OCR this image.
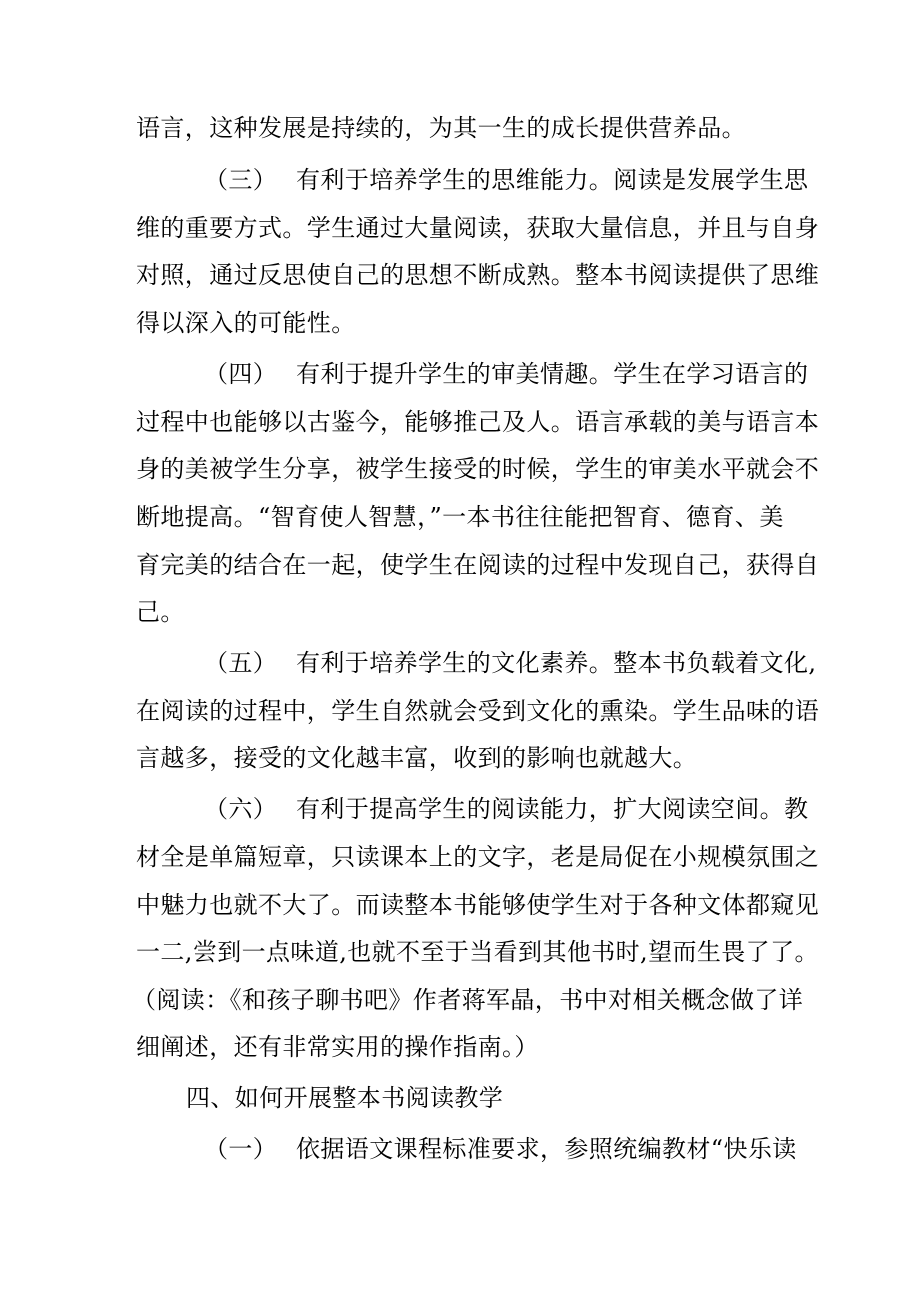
语言，这种发展是持续的，为其一生的成长提供营养品。
（三） 有利于培养学生的思维能力。阅读是发展学生思
维的重要方式。学生通过大量阅读，获取大量信息，并且与自身
对照，通过反思使自己的思想不断成熟。整本书阅读提供了思维
得以深入的可能性。
（四） 有利于提升学生的审美情趣。学生在学习语言的
过程中也能够以古鉴今，能够推己及人。语言承载的美与语言本
身的美被学生分享，被学生接受的时候，学生的审美水平就会不
断地提高。“智育使人智慧，”一本书往往能把智育、德育、美
育完美的结合在一起，使学生在阅读的过程中发现自己，获得自
己。
（五） 有利于培养学生的文化素养。整本书负载着文化,
在阅读的过程中，学生自然就会受到文化的熏染。学生品味的语
言越多，接受的文化越丰富，收到的影响也就越大。
（六） 有利于提高学生的阅读能力，扩大阅读空间。教
材全是单篇短章，只读课本上的文字，老是局促在小规模氛围之
中魅力也就不大了。而读整本书能够使学生对于各种文体都窥见
一二,尝到一点味道,也就不至于当看到其他书时,望而生畏了了。
（阅读：《和孩子聊书吧》作者蒋军晶，书中对相关概念做了详
细阐述，还有非常实用的操作指南。）
四、如何开展整本书阅读教学
（一） 依据语文课程标准要求，参照统编教材“快乐读
